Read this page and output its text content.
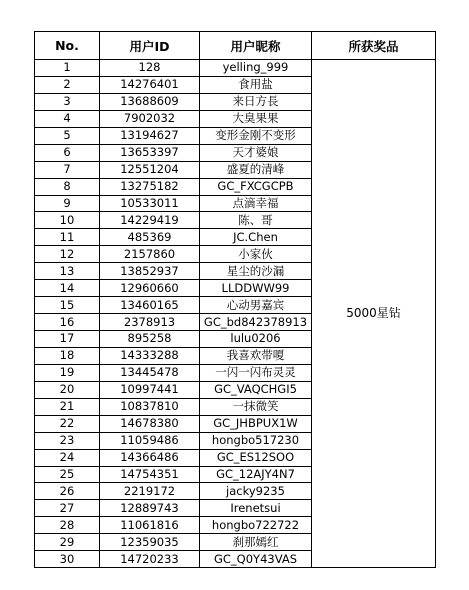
No.	用户ID	用户昵称	所获奖品
1	128	yelling_999	5000星钻
2	14276401	食用盐	
3	13688609	来日方長	
4	7902032	大臭果果	
5	13194627	变形金刚不变形	
6	13653397	天才婆娘	
7	12551204	盛夏的清峰	
8	13275182	GC_FXCGCPB	
9	10533011	点滴幸福	
10	14229419	陈、哥	
11	485369	JC.Chen	
12	2157860	小家伙	
13	13852937	星尘的沙漏	
14	12960660	LLDDWW99	
15	13460165	心动男嘉宾	
16	2378913	GC_bd842378913	
17	895258	lulu0206	
18	14333288	我喜欢带嗄	
19	13445478	一闪一闪布灵灵	
20	10997441	GC_VAQCHGI5	
21	10837810	一抹微笑	
22	14678380	GC_JHBPUX1W	
23	11059486	hongbo517230	
24	14366486	GC_ES12SOO	
25	14754351	GC_12AJY4N7	
26	2219172	jacky9235	
27	12889743	Irenetsui	
28	11061816	hongbo722722	
29	12359035	刹那嫣红	
30	14720233	GC_Q0Y43VAS	
